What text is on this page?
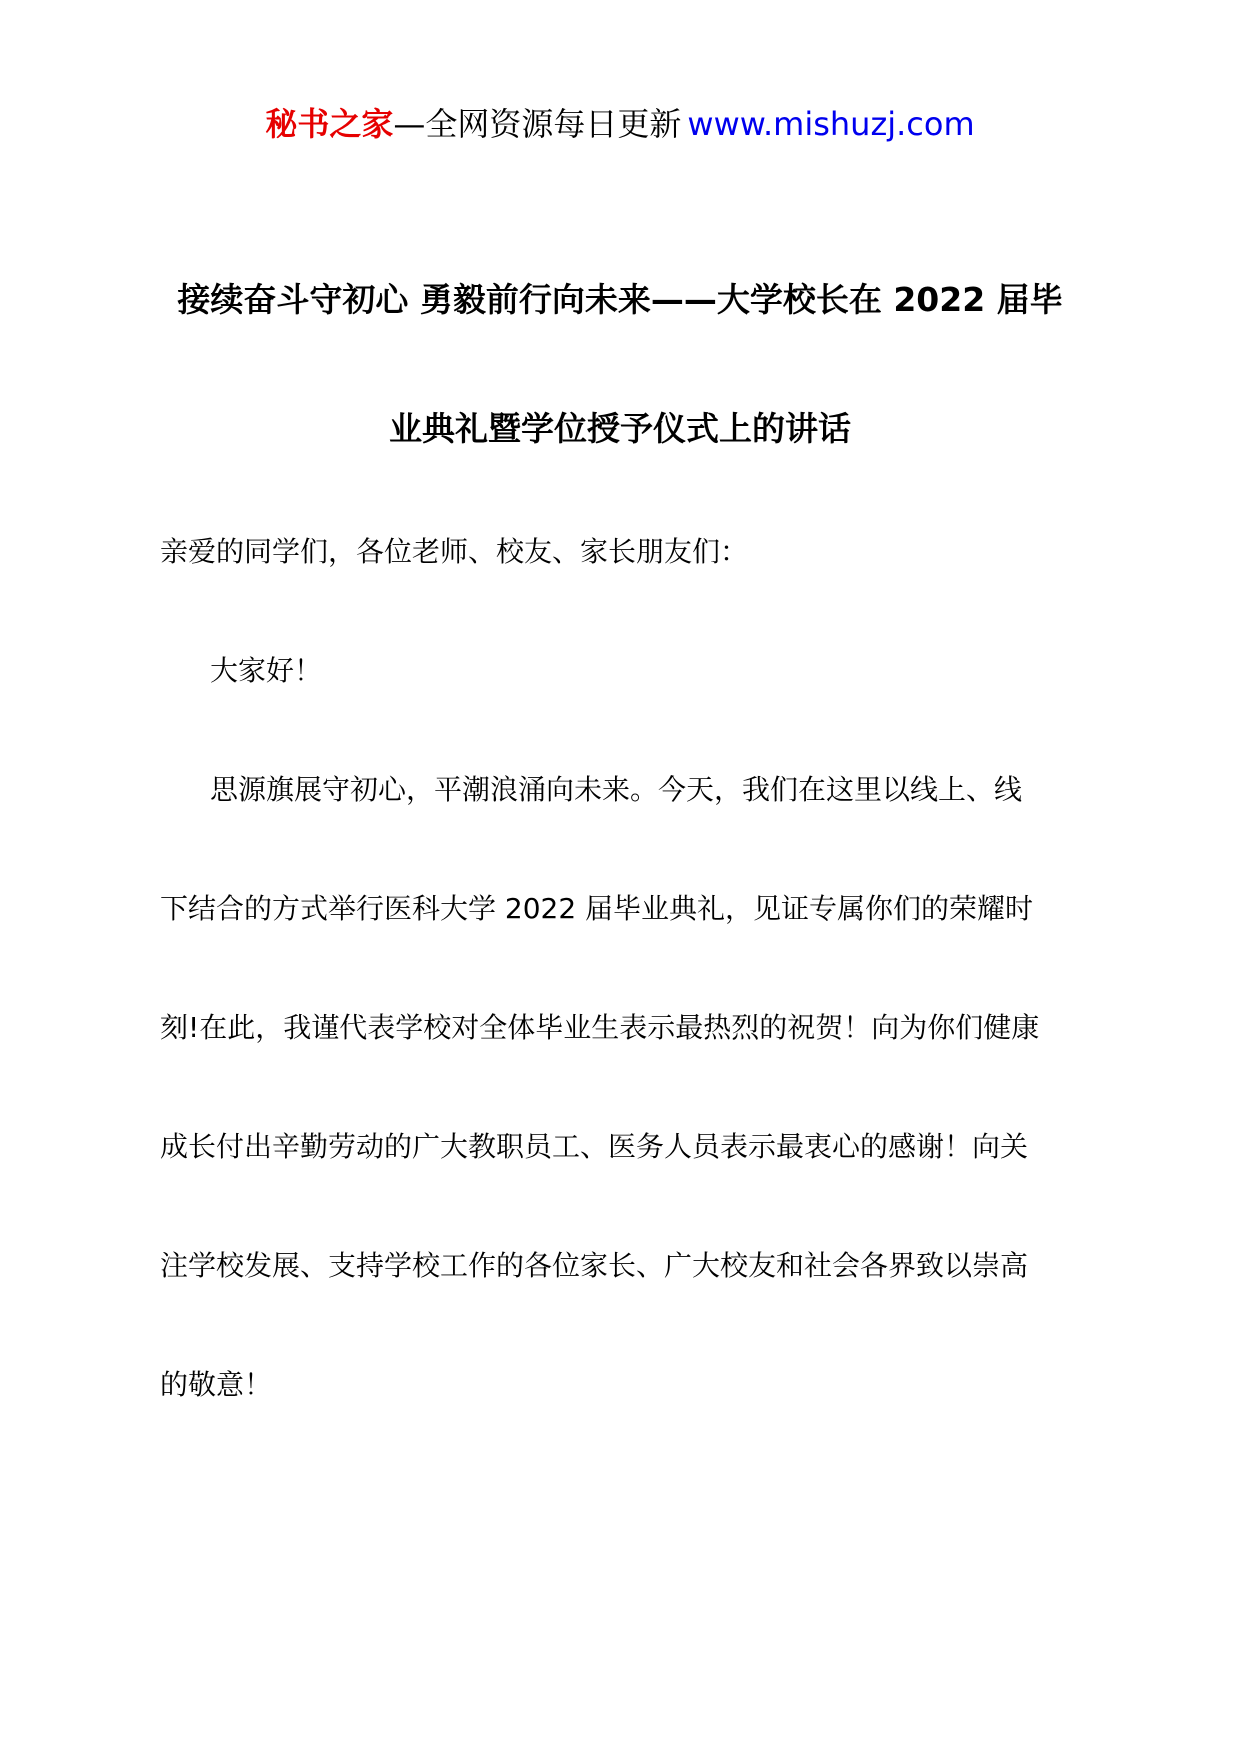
秘书之家—全网资源每日更新 www.mishuzj.com
接续奋斗守初心 勇毅前行向未来——大学校长在 2022 届毕
业典礼暨学位授予仪式上的讲话
亲爱的同学们，各位老师、校友、家长朋友们：
大家好！
思源旗展守初心，平潮浪涌向未来。今天，我们在这里以线上、线
下结合的方式举行医科大学 2022 届毕业典礼，见证专属你们的荣耀时
刻!在此，我谨代表学校对全体毕业生表示最热烈的祝贺！向为你们健康
成长付出辛勤劳动的广大教职员工、医务人员表示最衷心的感谢！向关
注学校发展、支持学校工作的各位家长、广大校友和社会各界致以崇高
的敬意！
